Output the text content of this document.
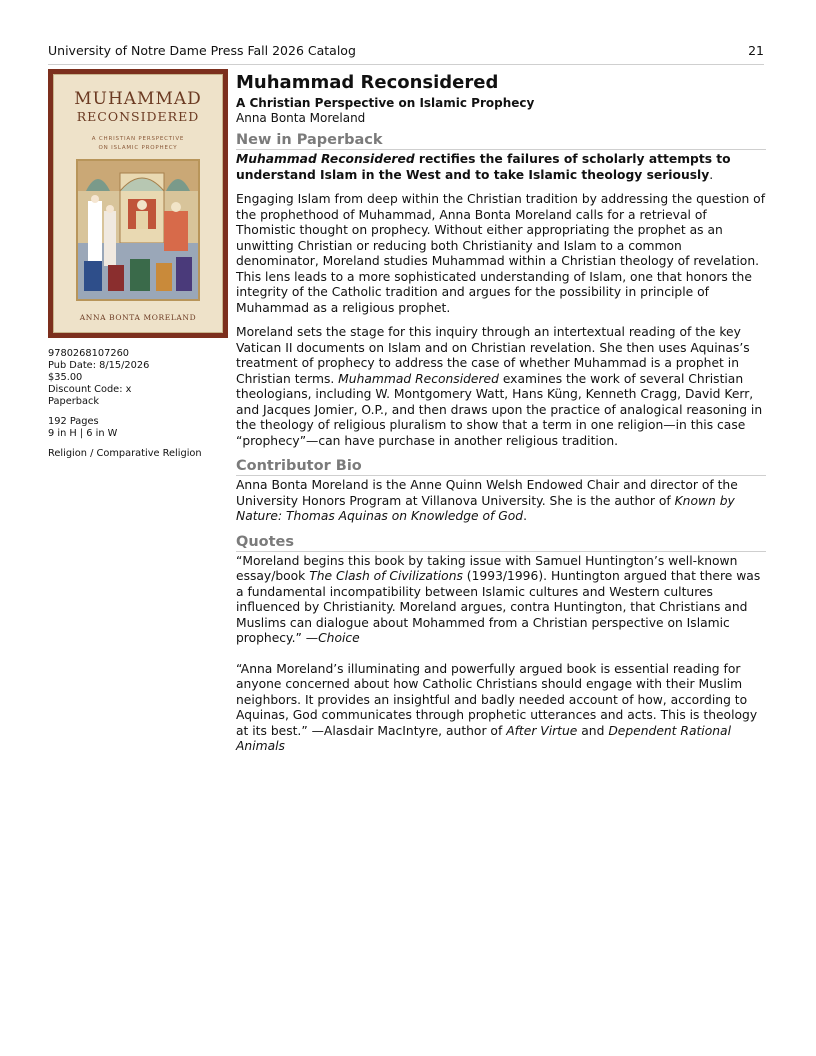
University of Notre Dame Press Fall 2026 Catalog	21
MUHAMMAD
RECONSIDERED
A CHRISTIAN PERSPECTIVE
ON ISLAMIC PROPHECY
ANNA BONTA MORELAND
9780268107260
Pub Date: 8/15/2026
$35.00
Discount Code: x
Paperback
192 Pages
9 in H | 6 in W
Religion / Comparative Religion
Muhammad Reconsidered
A Christian Perspective on Islamic Prophecy
Anna Bonta Moreland
New in Paperback

Muhammad Reconsidered rectifies the failures of scholarly attempts to understand Islam in the West and to take Islamic theology seriously.

Engaging Islam from deep within the Christian tradition by addressing the question of the prophethood of Muhammad, Anna Bonta Moreland calls for a retrieval of Thomistic thought on prophecy. Without either appropriating the prophet as an unwitting Christian or reducing both Christianity and Islam to a common denominator, Moreland studies Muhammad within a Christian theology of revelation. This lens leads to a more sophisticated understanding of Islam, one that honors the integrity of the Catholic tradition and argues for the possibility in principle of Muhammad as a religious prophet.

Moreland sets the stage for this inquiry through an intertextual reading of the key Vatican II documents on Islam and on Christian revelation. She then uses Aquinas’s treatment of prophecy to address the case of whether Muhammad is a prophet in Christian terms. Muhammad Reconsidered examines the work of several Christian theologians, including W. Montgomery Watt, Hans Küng, Kenneth Cragg, David Kerr, and Jacques Jomier, O.P., and then draws upon the practice of analogical reasoning in the theology of religious pluralism to show that a term in one religion—in this case “prophecy”—can have purchase in another religious tradition.

Contributor Bio

Anna Bonta Moreland is the Anne Quinn Welsh Endowed Chair and director of the University Honors Program at Villanova University. She is the author of Known by Nature: Thomas Aquinas on Knowledge of God.

Quotes

“Moreland begins this book by taking issue with Samuel Huntington’s well-known essay/book The Clash of Civilizations (1993/1996). Huntington argued that there was a fundamental incompatibility between Islamic cultures and Western cultures influenced by Christianity. Moreland argues, contra Huntington, that Christians and Muslims can dialogue about Mohammed from a Christian perspective on Islamic prophecy.” —Choice

“Anna Moreland’s illuminating and powerfully argued book is essential reading for anyone concerned about how Catholic Christians should engage with their Muslim neighbors. It provides an insightful and badly needed account of how, according to Aquinas, God communicates through prophetic utterances and acts. This is theology at its best.” —Alasdair MacIntyre, author of After Virtue and Dependent Rational Animals
